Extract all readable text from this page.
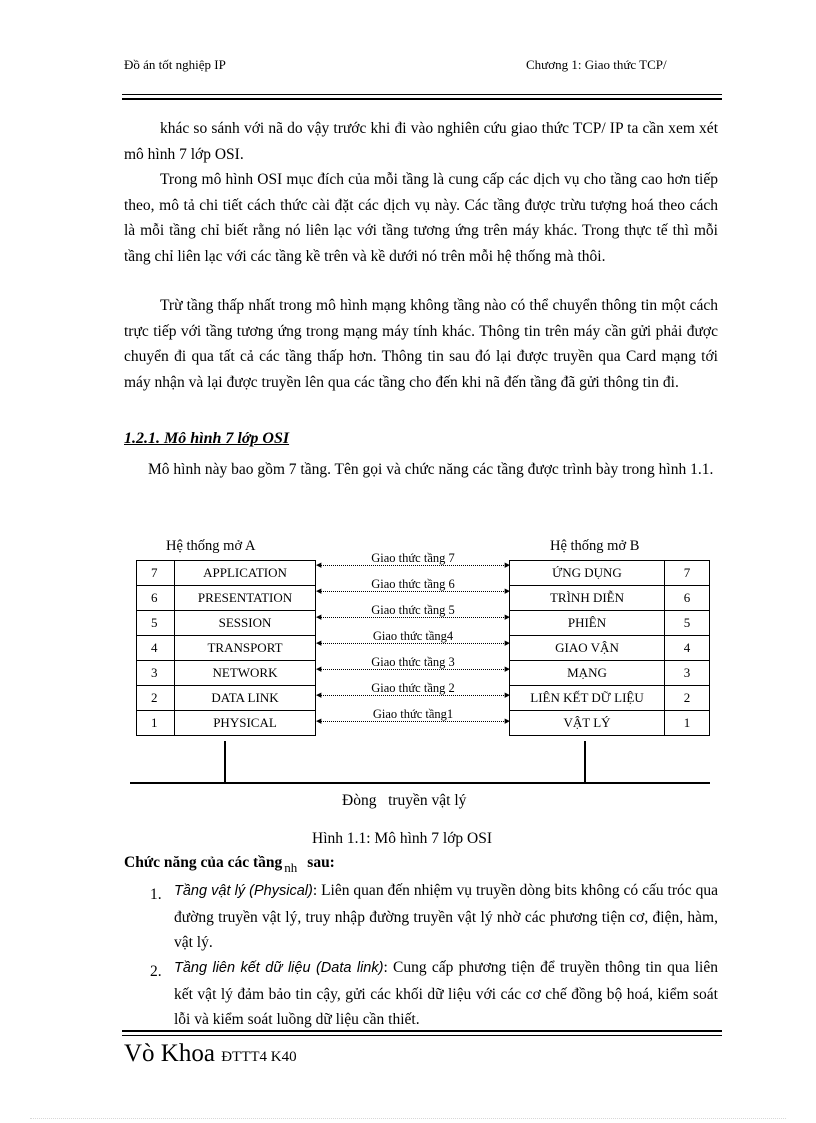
Đồ án tốt nghiệp IP	Chương 1: Giao thức TCP/

khác so sánh với nã do vậy trước khi đi vào nghiên cứu giao thức TCP/ IP ta cần xem xét mô hình 7 lớp OSI.

Trong mô hình OSI mục đích của mỗi tầng là cung cấp các dịch vụ cho tầng cao hơn tiếp theo, mô tả chi tiết cách thức cài đặt các dịch vụ này. Các tầng được trừu tượng hoá theo cách là mỗi tầng chỉ biết rằng nó liên lạc với tầng tương ứng trên máy khác. Trong thực tế thì mỗi tầng chỉ liên lạc với các tầng kề trên và kề dưới nó trên mỗi hệ thống mà thôi.

Trừ tầng thấp nhất trong mô hình mạng không tầng nào có thể chuyển thông tin một cách trực tiếp với tầng tương ứng trong mạng máy tính khác. Thông tin trên máy cần gửi phải được chuyển đi qua tất cả các tầng thấp hơn. Thông tin sau đó lại được truyền qua Card mạng tới máy nhận và lại được truyền lên qua các tầng cho đến khi nã đến tầng đã gửi thông tin đi.

1.2.1. Mô hình 7 lớp OSI

Mô hình này bao gồm 7 tầng. Tên gọi và chức năng các tầng được trình bày trong hình 1.1.

Hệ thống mở A	Hệ thống mở B
7	APPLICATION
6	PRESENTATION
5	SESSION
4	TRANSPORT
3	NETWORK
2	DATA LINK
1	PHYSICAL
ỨNG DỤNG	7
TRÌNH DIỄN	6
PHIÊN	5
GIAO VẬN	4
MẠNG	3
LIÊN KẾT DỮ LIỆU	2
VẬT LÝ	1
Giao thức tầng 7
◀	▶
Giao thức tầng 6
◀	▶
Giao thức tầng 5
◀	▶
Giao thức tầng4
◀	▶
Giao thức tầng 3
◀	▶
Giao thức tầng 2
◀	▶
Giao thức tầng1
◀	▶
Đòng   truyền vật lý
Hình 1.1: Mô hình 7 lớp OSI
Chức năng của các tầng $_{nh}$ sau:
1. Tầng vật lý (Physical): Liên quan đến nhiệm vụ truyền dòng bits không có cấu tróc qua đường truyền vật lý, truy nhập đường truyền vật lý nhờ các phương tiện cơ, điện, hàm, vật lý.
2. Tầng liên kết dữ liệu (Data link): Cung cấp phương tiện để truyền thông tin qua liên kết vật lý đảm bảo tin cậy, gửi các khối dữ liệu với các cơ chế đồng bộ hoá, kiểm soát lỗi và kiểm soát luồng dữ liệu cần thiết.
Vò Khoa ĐTTT4 K40
